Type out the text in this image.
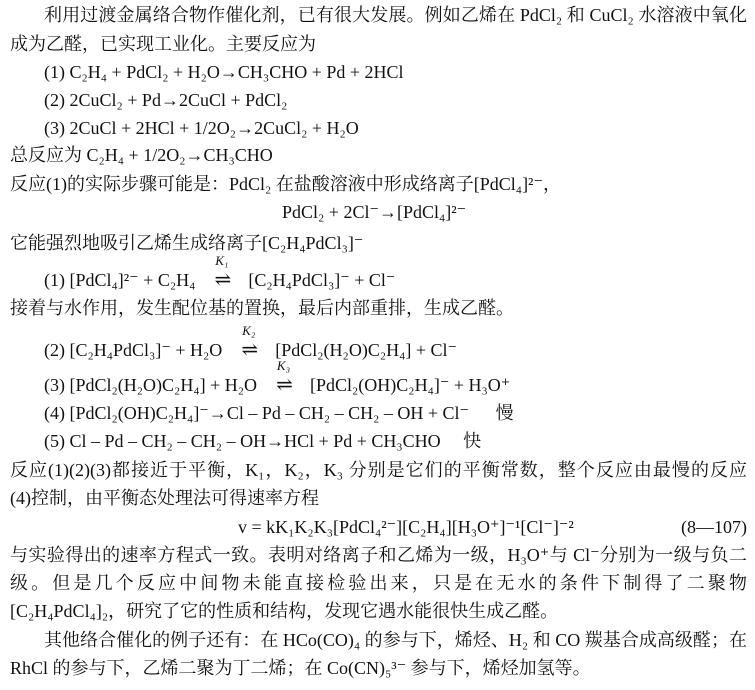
利用过渡金属络合物作催化剂，已有很大发展。例如乙烯在 PdCl₂ 和 CuCl₂ 水溶液中氧化
成为乙醛，已实现工业化。主要反应为
(1) C₂H₄ + PdCl₂ + H₂O→CH₃CHO + Pd + 2HCl
(2) 2CuCl₂ + Pd→2CuCl + PdCl₂
(3) 2CuCl + 2HCl + 1/2O₂→2CuCl₂ + H₂O
总反应为 C₂H₄ + 1/2O₂→CH₃CHO
反应(1)的实际步骤可能是：PdCl₂ 在盐酸溶液中形成络离子[PdCl₄]²⁻，
PdCl₂ + 2Cl⁻→[PdCl₄]²⁻
它能强烈地吸引乙烯生成络离子[C₂H₄PdCl₃]⁻
(1) [PdCl₄]²⁻ + C₂H₄
K₁
⇌ [C₂H₄PdCl₃]⁻ + Cl⁻
接着与水作用，发生配位基的置换，最后内部重排，生成乙醛。
(2) [C₂H₄PdCl₃]⁻ + H₂O
K₂
⇌ [PdCl₂(H₂O)C₂H₄] + Cl⁻
(3) [PdCl₂(H₂O)C₂H₄] + H₂O
K₃
⇌ [PdCl₂(OH)C₂H₄]⁻ + H₃O⁺
(4) [PdCl₂(OH)C₂H₄]⁻→Cl – Pd – CH₂ – CH₂ – OH + Cl⁻ 慢
(5) Cl – Pd – CH₂ – CH₂ – OH→HCl + Pd + CH₃CHO 快
反应(1)(2)(3)都接近于平衡，K₁，K₂，K₃ 分别是它们的平衡常数，整个反应由最慢的反应
(4)控制，由平衡态处理法可得速率方程
v = kK₁K₂K₃[PdCl₄²⁻][C₂H₄][H₃O⁺]⁻¹[Cl⁻]⁻²	(8—107)
与实验得出的速率方程式一致。表明对络离子和乙烯为一级，H₃O⁺与 Cl⁻分别为一级与负二
级。但是几个反应中间物未能直接检验出来，只是在无水的条件下制得了二聚物
[C₂H₄PdCl₄]₂，研究了它的性质和结构，发现它遇水能很快生成乙醛。
其他络合催化的例子还有：在 HCo(CO)₄ 的参与下，烯烃、H₂ 和 CO 羰基合成高级醛；在
RhCl 的参与下，乙烯二聚为丁二烯；在 Co(CN)₅³⁻ 参与下，烯烃加氢等。
